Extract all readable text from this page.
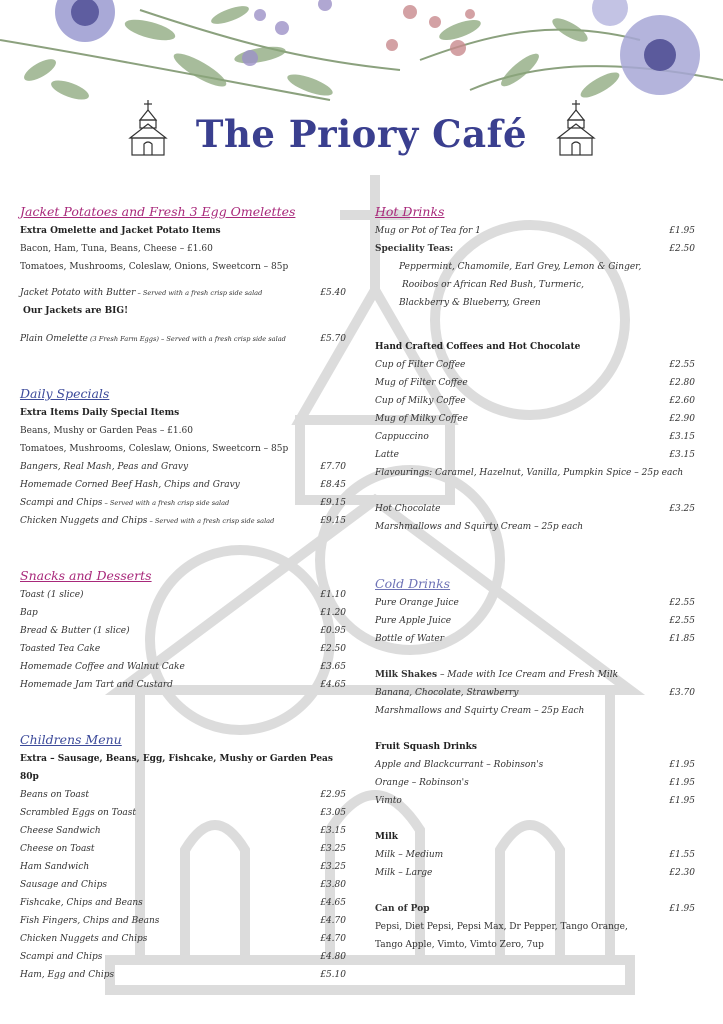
The Priory Café
Jacket Potatoes and Fresh 3 Egg Omelettes
Extra Omelette and Jacket Potato Items
Bacon, Ham, Tuna, Beans, Cheese – £1.60
Tomatoes, Mushrooms, Coleslaw, Onions, Sweetcorn – 85p
Jacket Potato with Butter – Served with a fresh crisp side salad	£5.40
Our Jackets are BIG!
Plain Omelette (3 Fresh Farm Eggs) – Served with a fresh crisp side salad	£5.70
Daily Specials
Extra Items Daily Special Items
Beans, Mushy or Garden Peas – £1.60
Tomatoes, Mushrooms, Coleslaw, Onions, Sweetcorn – 85p
Bangers, Real Mash, Peas and Gravy	£7.70
Homemade Corned Beef Hash, Chips and Gravy	£8.45
Scampi and Chips – Served with a fresh crisp side salad	£9.15
Chicken Nuggets and Chips – Served with a fresh crisp side salad	£9.15
Snacks and Desserts
Toast (1 slice)	£1.10
Bap	£1.20
Bread & Butter (1 slice)	£0.95
Toasted Tea Cake	£2.50
Homemade Coffee and Walnut Cake	£3.65
Homemade Jam Tart and Custard	£4.65
Childrens Menu
Extra – Sausage, Beans, Egg, Fishcake, Mushy or Garden Peas 80p
Beans on Toast	£2.95
Scrambled Eggs on Toast	£3.05
Cheese Sandwich	£3.15
Cheese on Toast	£3.25
Ham Sandwich	£3.25
Sausage and Chips	£3.80
Fishcake, Chips and Beans	£4.65
Fish Fingers, Chips and Beans	£4.70
Chicken Nuggets and Chips	£4.70
Scampi and Chips	£4.80
Ham, Egg and Chips	£5.10
Hot Drinks
Mug or Pot of Tea for 1	£1.95
Speciality Teas:	£2.50
Peppermint, Chamomile, Earl Grey, Lemon & Ginger,
Rooibos or African Red Bush, Turmeric,
Blackberry & Blueberry, Green
Hand Crafted Coffees and Hot Chocolate
Cup of Filter Coffee	£2.55
Mug of Filter Coffee	£2.80
Cup of Milky Coffee	£2.60
Mug of Milky Coffee	£2.90
Cappuccino	£3.15
Latte	£3.15
Flavourings: Caramel, Hazelnut, Vanilla, Pumpkin Spice – 25p each
Hot Chocolate	£3.25
Marshmallows and Squirty Cream – 25p each
Cold Drinks
Pure Orange Juice	£2.55
Pure Apple Juice	£2.55
Bottle of Water	£1.85
Milk Shakes – Made with Ice Cream and Fresh Milk
Banana, Chocolate, Strawberry	£3.70
Marshmallows and Squirty Cream – 25p Each
Fruit Squash Drinks
Apple and Blackcurrant – Robinson's	£1.95
Orange – Robinson's	£1.95
Vimto	£1.95
Milk
Milk – Medium	£1.55
Milk – Large	£2.30
Can of Pop	£1.95
Pepsi, Diet Pepsi, Pepsi Max, Dr Pepper, Tango Orange,
Tango Apple, Vimto, Vimto Zero, 7up
